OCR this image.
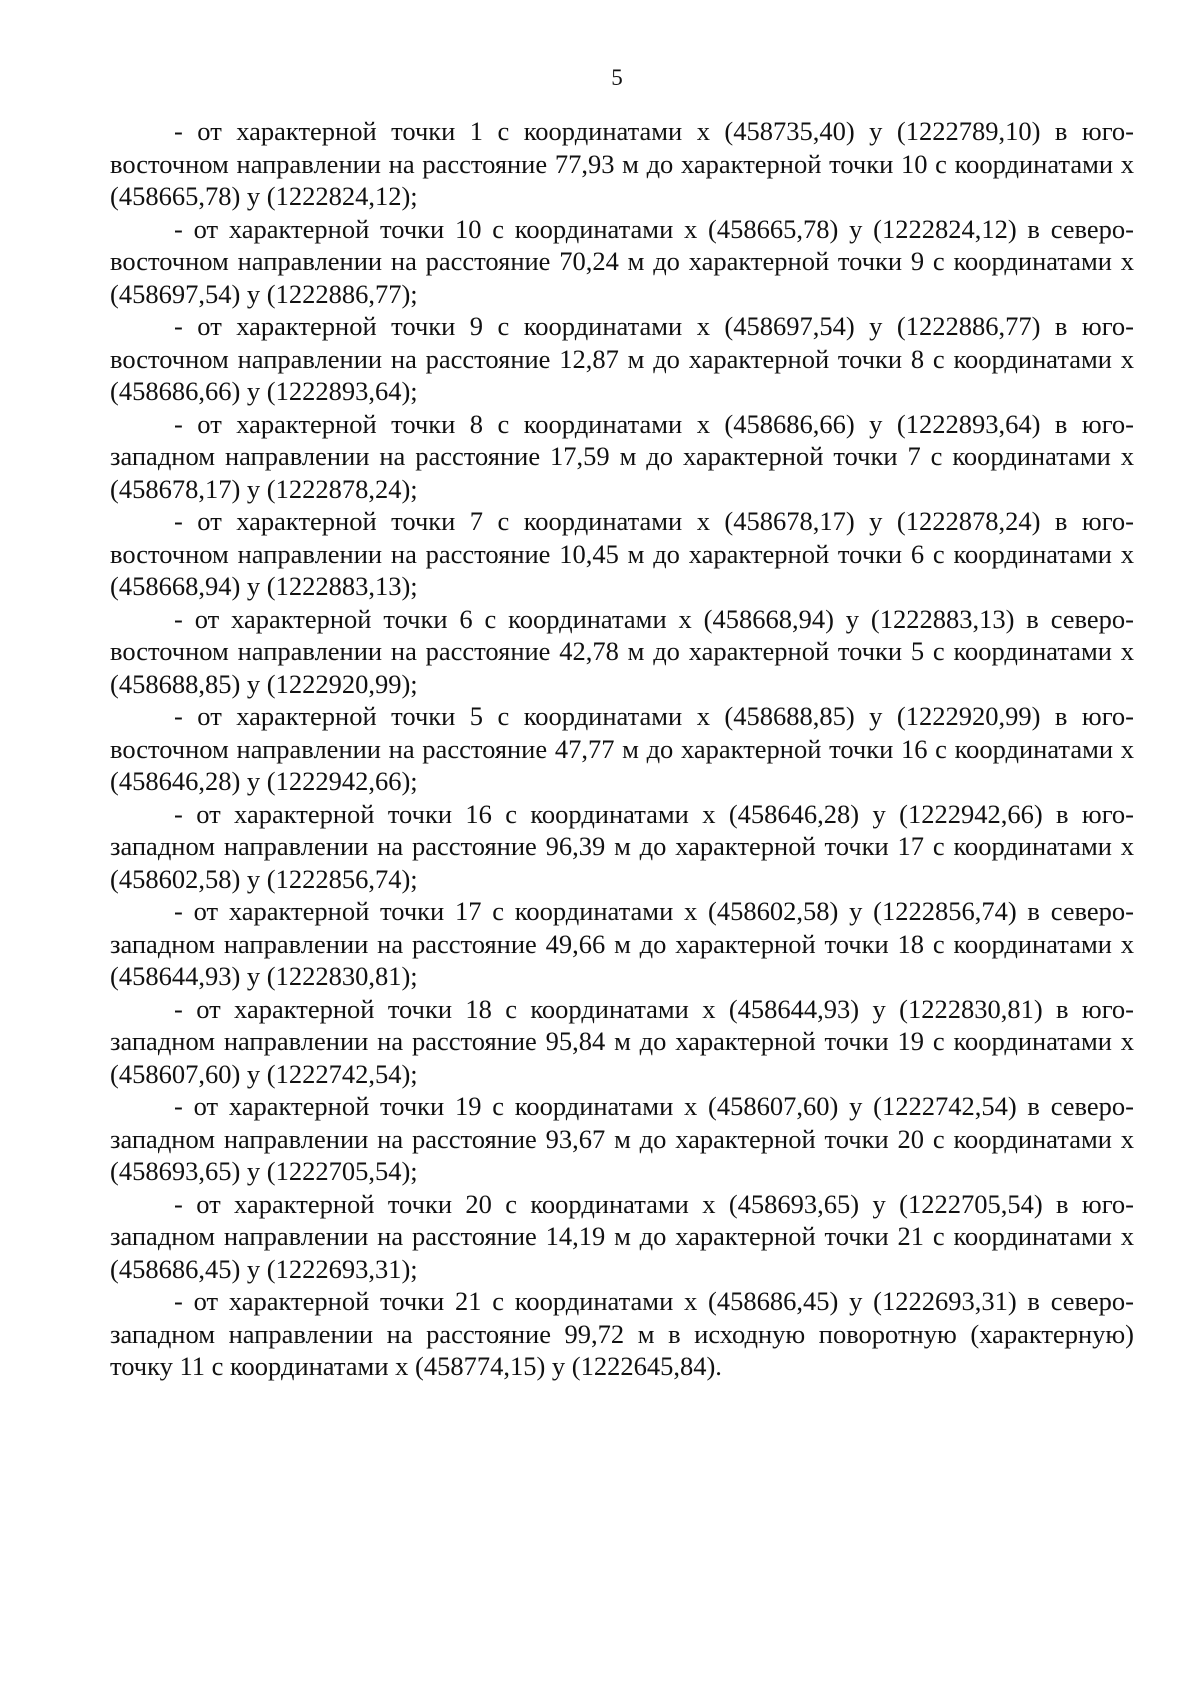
5

- от характерной точки 1 с координатами х (458735,40) у (1222789,10) в юго-восточном направлении на расстояние 77,93 м до характерной точки 10 с координатами х (458665,78) у (1222824,12);

- от характерной точки 10 с координатами х (458665,78) у (1222824,12) в северо-восточном направлении на расстояние 70,24 м до характерной точки 9 с координатами х (458697,54) у (1222886,77);

- от характерной точки 9 с координатами х (458697,54) у (1222886,77) в юго-восточном направлении на расстояние 12,87 м до характерной точки 8 с координатами х (458686,66) у (1222893,64);

- от характерной точки 8 с координатами х (458686,66) у (1222893,64) в юго-западном направлении на расстояние 17,59 м до характерной точки 7 с координатами х (458678,17) у (1222878,24);

- от характерной точки 7 с координатами х (458678,17) у (1222878,24) в юго-восточном направлении на расстояние 10,45 м до характерной точки 6 с координатами х (458668,94) у (1222883,13);

- от характерной точки 6 с координатами х (458668,94) у (1222883,13) в северо-восточном направлении на расстояние 42,78 м до характерной точки 5 с координатами х (458688,85) у (1222920,99);

- от характерной точки 5 с координатами х (458688,85) у (1222920,99) в юго-восточном направлении на расстояние 47,77 м до характерной точки 16 с координатами х (458646,28) у (1222942,66);

- от характерной точки 16 с координатами х (458646,28) у (1222942,66) в юго-западном направлении на расстояние 96,39 м до характерной точки 17 с координатами х (458602,58) у (1222856,74);

- от характерной точки 17 с координатами х (458602,58) у (1222856,74) в северо-западном направлении на расстояние 49,66 м до характерной точки 18 с координатами х (458644,93) у (1222830,81);

- от характерной точки 18 с координатами х (458644,93) у (1222830,81) в юго-западном направлении на расстояние 95,84 м до характерной точки 19 с координатами х (458607,60) у (1222742,54);

- от характерной точки 19 с координатами х (458607,60) у (1222742,54) в северо-западном направлении на расстояние 93,67 м до характерной точки 20 с координатами х (458693,65) у (1222705,54);

- от характерной точки 20 с координатами х (458693,65) у (1222705,54) в юго-западном направлении на расстояние 14,19 м до характерной точки 21 с координатами х (458686,45) у (1222693,31);

- от характерной точки 21 с координатами х (458686,45) у (1222693,31) в северо-западном направлении на расстояние 99,72 м в исходную поворотную (характерную) точку 11 с координатами х (458774,15) у (1222645,84).
